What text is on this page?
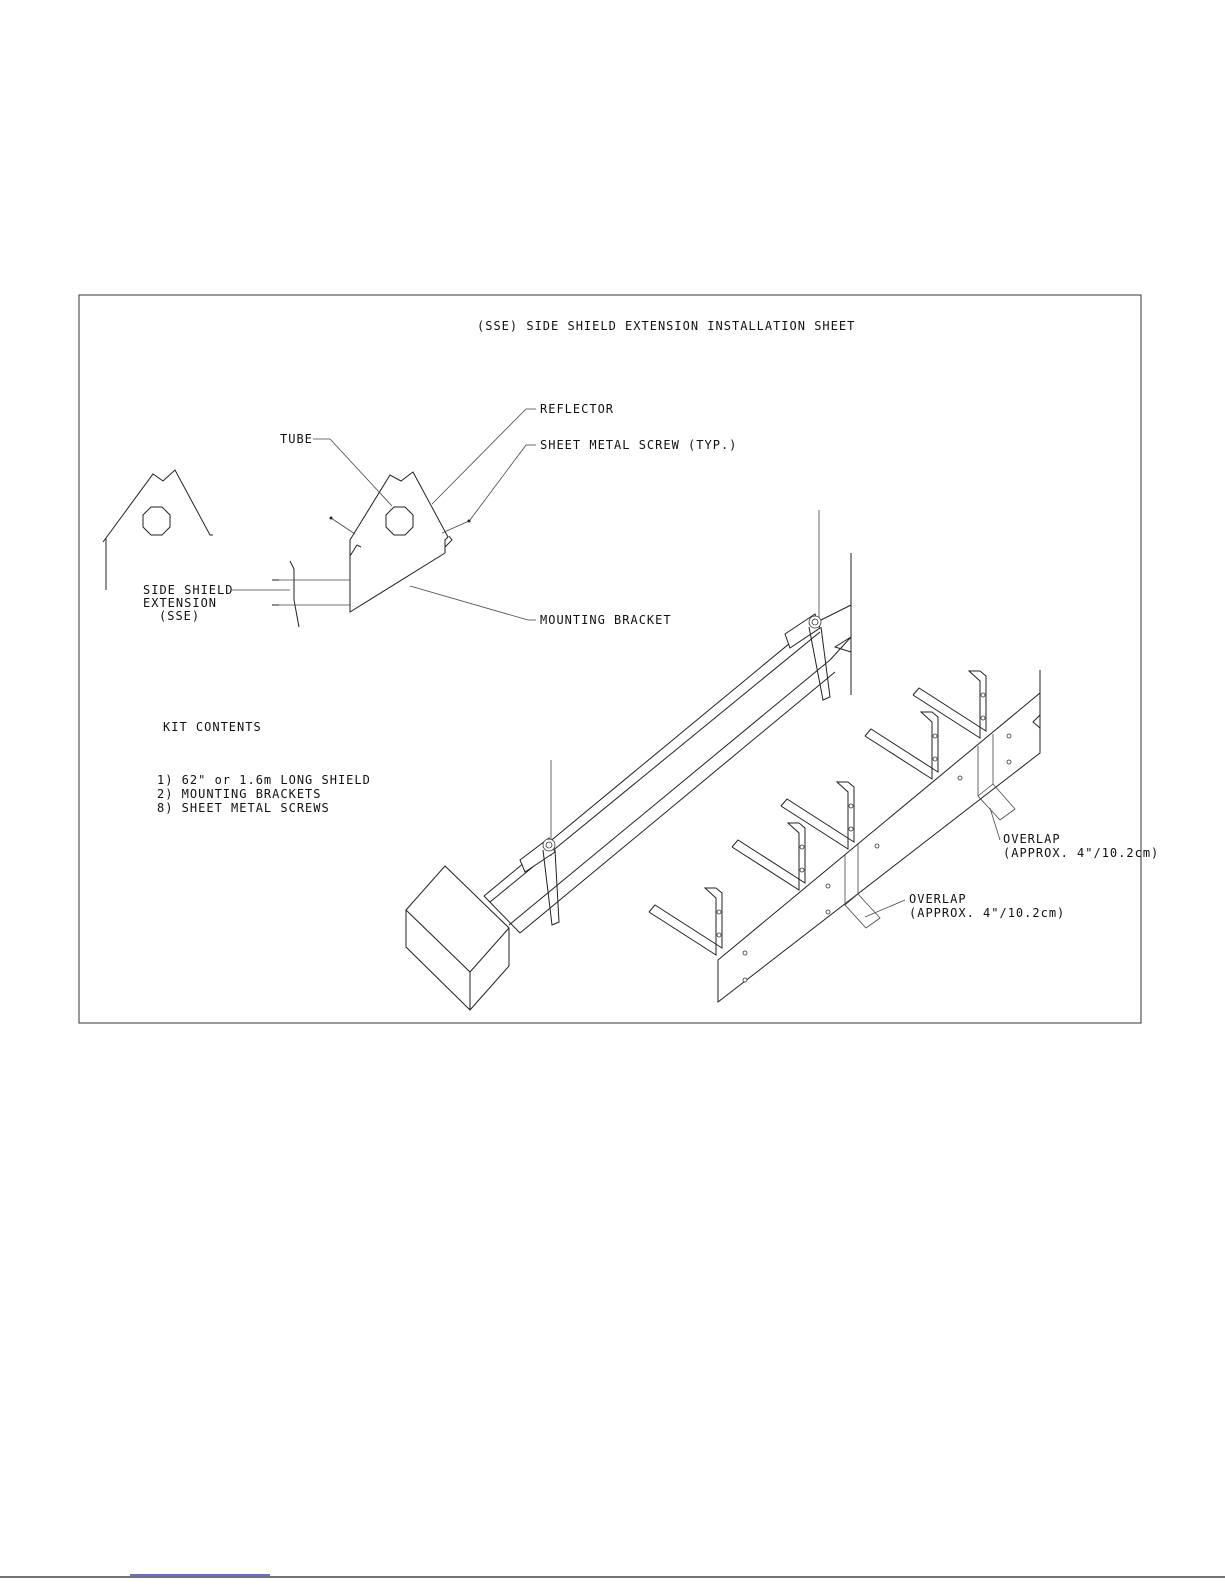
(SSE) SIDE SHIELD EXTENSION INSTALLATION SHEET
TUBE
REFLECTOR
SHEET METAL SCREW (TYP.)
SIDE SHIELD
EXTENSION
(SSE)	MOUNTING BRACKET
KIT CONTENTS
1) 62" or 1.6m LONG SHIELD
2) MOUNTING BRACKETS
8) SHEET METAL SCREWS
OVERLAP
(APPROX. 4"/10.2cm)
OVERLAP
(APPROX. 4"/10.2cm)
